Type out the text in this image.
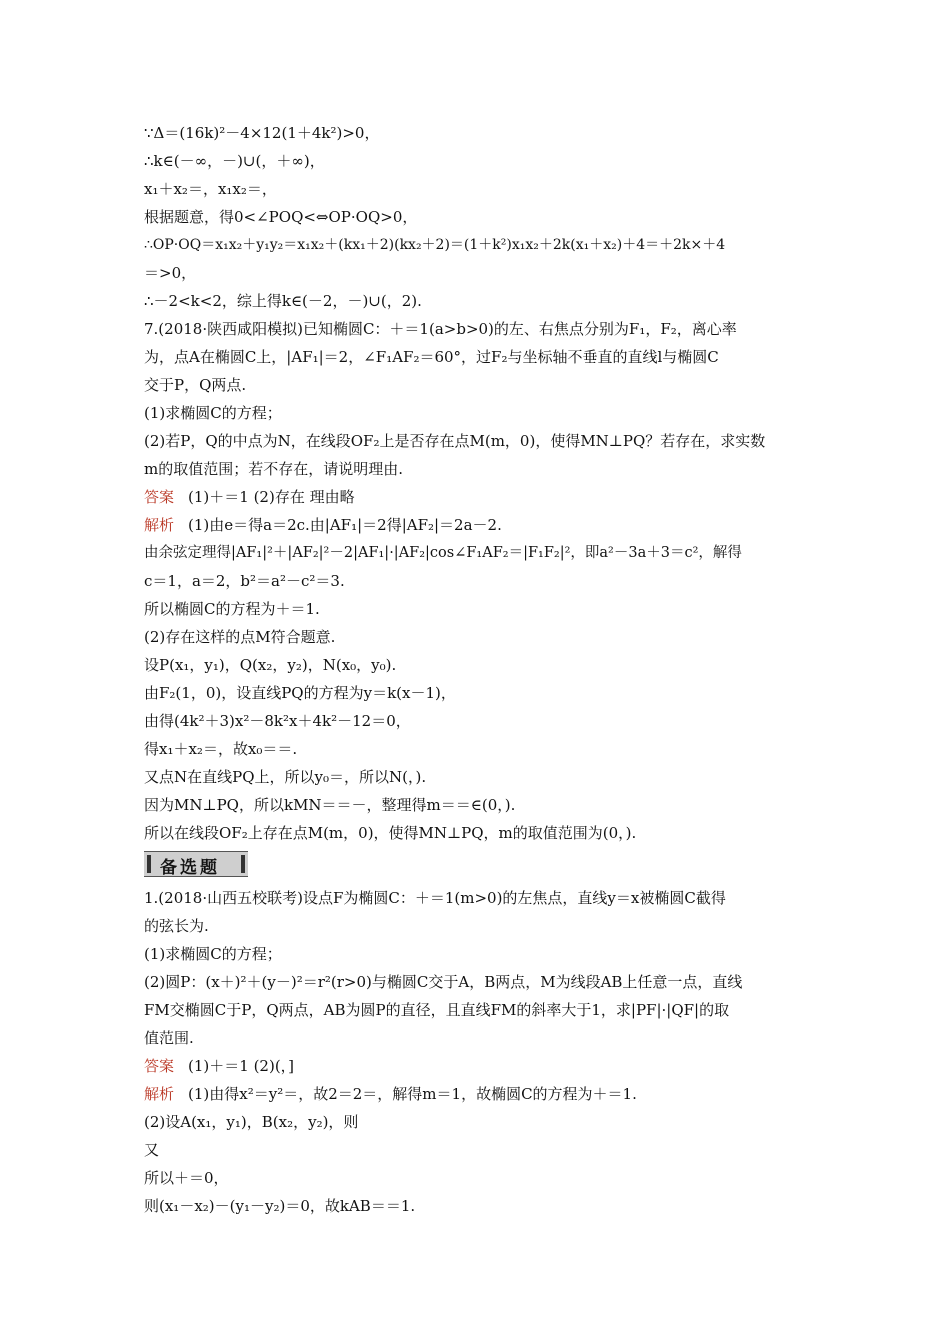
∵Δ＝(16k)²－4×12(1＋4k²)>0，
∴k∈(－∞，－)∪(，＋∞)，
x₁＋x₂＝，x₁x₂＝，
根据题意，得0<∠POQ<⇔OP·OQ>0，
∴OP·OQ＝x₁x₂＋y₁y₂＝x₁x₂＋(kx₁＋2)(kx₂＋2)＝(1＋k²)x₁x₂＋2k(x₁＋x₂)＋4＝＋2k×＋4
＝>0，
∴－2<k<2，综上得k∈(－2，－)∪(，2).
7.(2018·陕西咸阳模拟)已知椭圆C：＋＝1(a>b>0)的左、右焦点分别为F₁，F₂，离心率
为，点A在椭圆C上，|AF₁|＝2，∠F₁AF₂＝60°，过F₂与坐标轴不垂直的直线l与椭圆C
交于P，Q两点.
(1)求椭圆C的方程；
(2)若P，Q的中点为N，在线段OF₂上是否存在点M(m，0)，使得MN⊥PQ？若存在，求实数
m的取值范围；若不存在，请说明理由.
答案 (1)＋＝1 (2)存在 理由略
解析 (1)由e＝得a＝2c.由|AF₁|＝2得|AF₂|＝2a－2.
由余弦定理得|AF₁|²＋|AF₂|²－2|AF₁|·|AF₂|cos∠F₁AF₂＝|F₁F₂|²，即a²－3a＋3＝c²，解得
c＝1，a＝2，b²＝a²－c²＝3.
所以椭圆C的方程为＋＝1.
(2)存在这样的点M符合题意.
设P(x₁，y₁)，Q(x₂，y₂)，N(x₀，y₀).
由F₂(1，0)，设直线PQ的方程为y＝k(x－1)，
由得(4k²＋3)x²－8k²x＋4k²－12＝0，
得x₁＋x₂＝，故x₀＝＝.
又点N在直线PQ上，所以y₀＝，所以N(，).
因为MN⊥PQ，所以kMN＝＝－，整理得m＝＝∈(0，).
所以在线段OF₂上存在点M(m，0)，使得MN⊥PQ，m的取值范围为(0，).
备选题
1.(2018·山西五校联考)设点F为椭圆C：＋＝1(m>0)的左焦点，直线y＝x被椭圆C截得
的弦长为.
(1)求椭圆C的方程；
(2)圆P：(x＋)²＋(y－)²＝r²(r>0)与椭圆C交于A，B两点，M为线段AB上任意一点，直线
FM交椭圆C于P，Q两点，AB为圆P的直径，且直线FM的斜率大于1，求|PF|·|QF|的取
值范围.
答案 (1)＋＝1 (2)(，]
解析 (1)由得x²＝y²＝，故2＝2＝，解得m＝1，故椭圆C的方程为＋＝1.
(2)设A(x₁，y₁)，B(x₂，y₂)，则
又
所以＋＝0，
则(x₁－x₂)－(y₁－y₂)＝0，故kAB＝＝1.
